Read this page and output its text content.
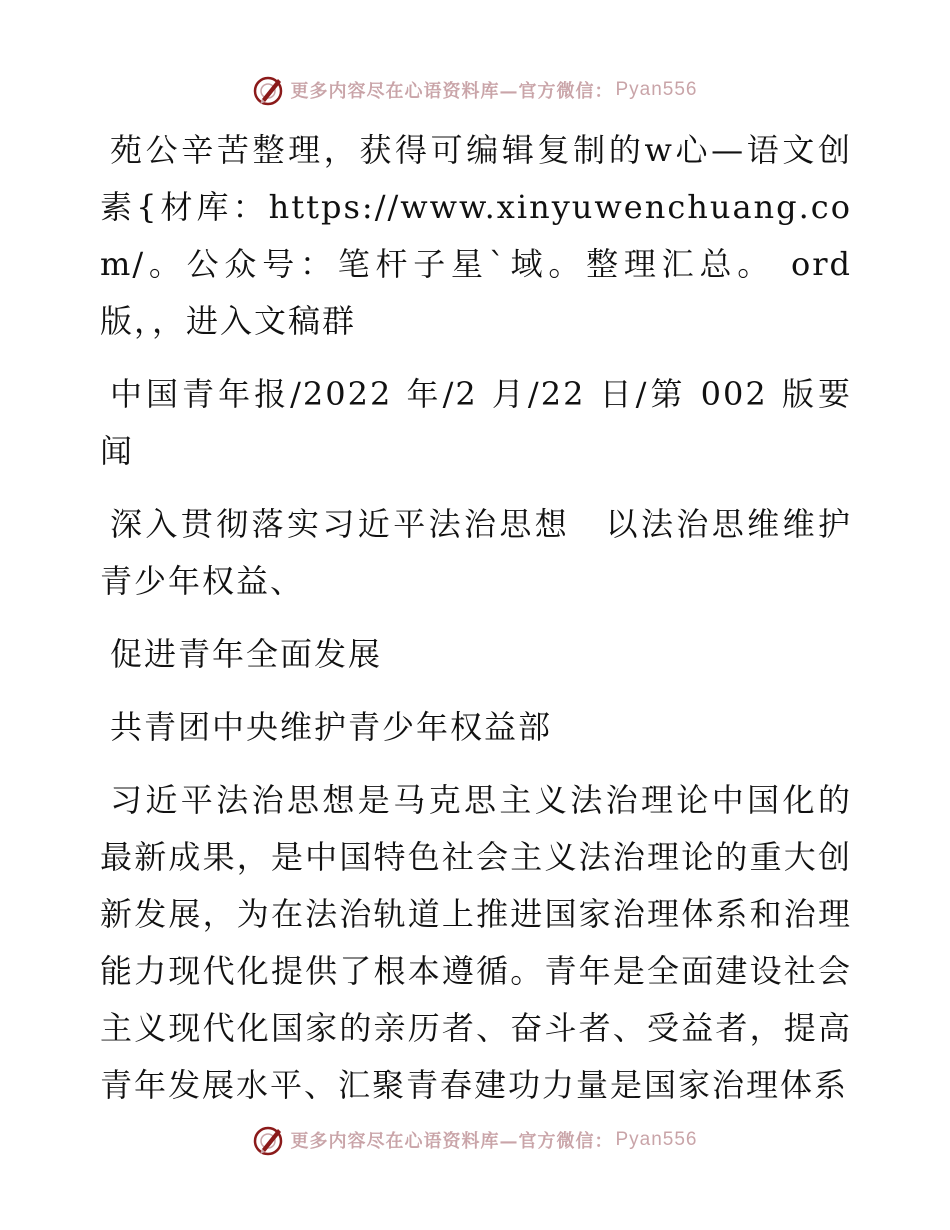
更多内容尽在心语资料库—官方微信： Pyan556

苑公辛苦整理，获得可编辑复制的w心—语文创素{材库：https://www.xinyuwenchuang.com/。公众号：笔杆子星ˋ域。整理汇总。 ord版，，进入文稿群

中国青年报/2022 年/2 月/22 日/第 002 版要闻

深入贯彻落实习近平法治思想　以法治思维维护青少年权益、

促进青年全面发展

共青团中央维护青少年权益部

习近平法治思想是马克思主义法治理论中国化的最新成果，是中国特色社会主义法治理论的重大创新发展，为在法治轨道上推进国家治理体系和治理能力现代化提供了根本遵循。青年是全面建设社会主义现代化国家的亲历者、奋斗者、受益者，提高青年发展水平、汇聚青春建功力量是国家治理体系

更多内容尽在心语资料库—官方微信： Pyan556
